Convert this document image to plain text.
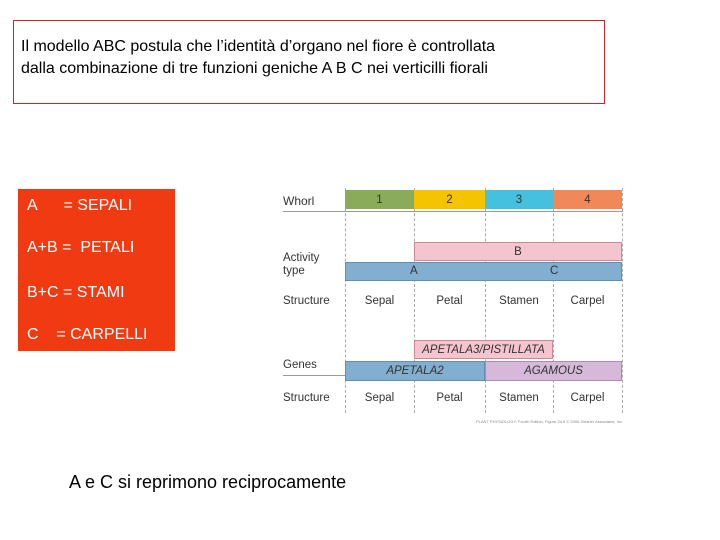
Il modello ABC postula che l’identità d’organo nel fiore è controllata
dalla combinazione di tre funzioni geniche A B C nei verticilli fiorali
A      = SEPALI
A+B =  PETALI
B+C = STAMI
C    = CARPELLI
Whorl	1	2	3	4
Activity
type
B
A	C
Structure	Sepal	Petal	Stamen	Carpel
Genes
APETALA3/PISTILLATA
APETALA2	AGAMOUS
Structure	Sepal	Petal	Stamen	Carpel
PLANT PHYSIOLOGY, Fourth Edition, Figure 24.6 © 2006 Sinauer Associates, Inc.
A e C si reprimono reciprocamente
